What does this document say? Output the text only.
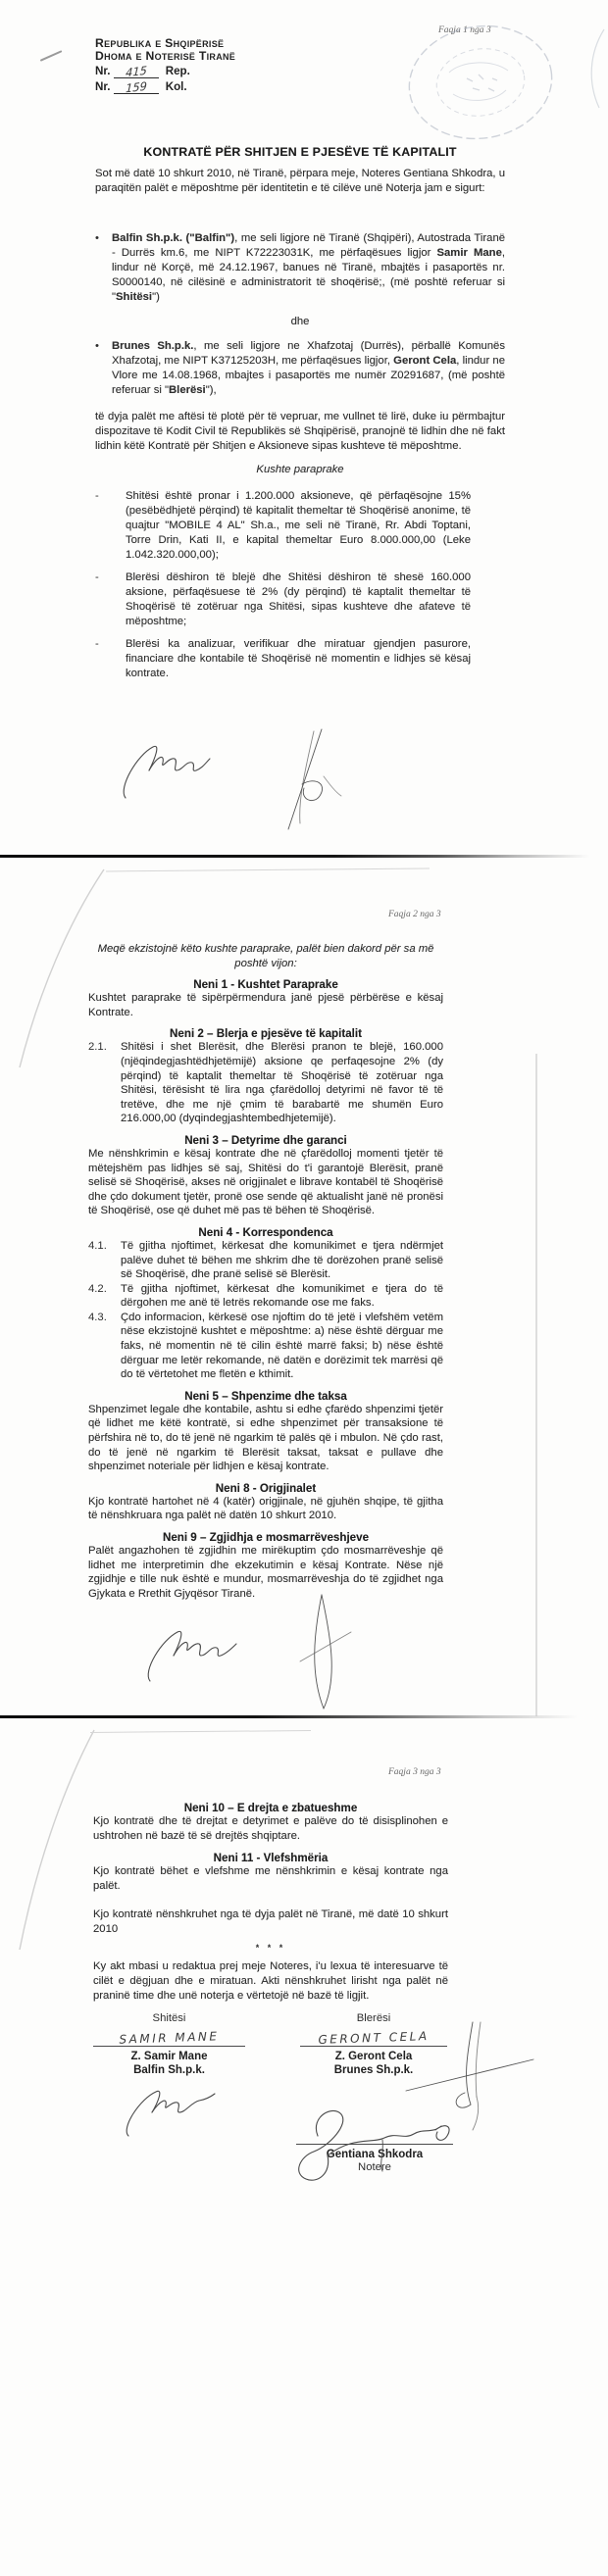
Faqja 1 nga 3
Republika e Shqipërisë
Dhoma e Noterisë Tiranë
Nr. 415 Rep.
Nr. 159 Kol.
KONTRATË PËR SHITJEN E PJESËVE TË KAPITALIT

Sot më datë 10 shkurt 2010, në Tiranë, përpara meje, Noteres Gentiana Shkodra, u paraqitën palët e mëposhtme për identitetin e të cilëve unë Noterja jam e sigurt:

•	Balfin Sh.p.k. ("Balfin"), me seli ligjore në Tiranë (Shqipëri), Autostrada Tiranë - Durrës km.6, me NIPT K72223031K, me përfaqësues ligjor Samir Mane, lindur në Korçë, më 24.12.1967, banues në Tiranë, mbajtës i pasaportës nr. S0000140, në cilësinë e administratorit të shoqërisë;, (më poshtë referuar si "Shitësi")
dhe
•	Brunes Sh.p.k., me seli ligjore ne Xhafzotaj (Durrës), përballë Komunës Xhafzotaj, me NIPT K37125203H, me përfaqësues ligjor, Geront Cela, lindur ne Vlore me 14.08.1968, mbajtes i pasaportës me numër Z0291687, (më poshtë referuar si "Blerësi"),

të dyja palët me aftësi të plotë për të vepruar, me vullnet të lirë, duke iu përmbajtur dispozitave të Kodit Civil të Republikës së Shqipërisë, pranojnë të lidhin dhe në fakt lidhin këtë Kontratë për Shitjen e Aksioneve sipas kushteve të mëposhtme.

Kushte paraprake
-	Shitësi është pronar i 1.200.000 aksioneve, që përfaqësojne 15% (pesëbëdhjetë përqind) të kapitalit themeltar të Shoqërisë anonime, të quajtur "MOBILE 4 AL" Sh.a., me seli në Tiranë, Rr. Abdi Toptani, Torre Drin, Kati II, e kapital themeltar Euro 8.000.000,00 (Leke 1.042.320.000,00);
-	Blerësi dëshiron të blejë dhe Shitësi dëshiron të shesë 160.000 aksione, përfaqësuese të 2% (dy përqind) të kaptalit themeltar të Shoqërisë të zotëruar nga Shitësi, sipas kushteve dhe afateve të mëposhtme;
-	Blerësi ka analizuar, verifikuar dhe miratuar gjendjen pasurore, financiare dhe kontabile të Shoqërisë në momentin e lidhjes së kësaj kontrate.
Faqja 2 nga 3
Meqë ekzistojnë këto kushte paraprake, palët bien dakord për sa më poshtë vijon:
Neni 1 - Kushtet Paraprake

Kushtet paraprake të sipërpërmendura janë pjesë përbërëse e kësaj Kontrate.

Neni 2 – Blerja e pjesëve të kapitalit
2.1.	Shitësi i shet Blerësit, dhe Blerësi pranon te blejë, 160.000 (njëqindegjashtëdhjetëmijë) aksione qe perfaqesojne 2% (dy përqind) të kaptalit themeltar të Shoqërisë të zotëruar nga Shitësi, tërësisht të lira nga çfarëdolloj detyrimi në favor të të tretëve, dhe me një çmim të barabartë me shumën Euro 216.000,00 (dyqindegjashtembedhjetemijë).
Neni 3 – Detyrime dhe garanci

Me nënshkrimin e kësaj kontrate dhe në çfarëdolloj momenti tjetër të mëtejshëm pas lidhjes së saj, Shitësi do t'i garantojë Blerësit, pranë selisë së Shoqërisë, akses në origjinalet e librave kontabël të Shoqërisë dhe çdo dokument tjetër, pronë ose sende që aktualisht janë në pronësi të Shoqërisë, ose që duhet më pas të bëhen të Shoqërisë.

Neni 4 - Korrespondenca
4.1.	Të gjitha njoftimet, kërkesat dhe komunikimet e tjera ndërmjet palëve duhet të bëhen me shkrim dhe të dorëzohen pranë selisë së Shoqërisë, dhe pranë selisë së Blerësit.
4.2.	Të gjitha njoftimet, kërkesat dhe komunikimet e tjera do të dërgohen me anë të letrës rekomande ose me faks.
4.3.	Çdo informacion, kërkesë ose njoftim do të jetë i vlefshëm vetëm nëse ekzistojnë kushtet e mëposhtme: a) nëse është dërguar me faks, në momentin në të cilin është marrë faksi; b) nëse është dërguar me letër rekomande, në datën e dorëzimit tek marrësi që do të vërtetohet me fletën e kthimit.
Neni 5 – Shpenzime dhe taksa

Shpenzimet legale dhe kontabile, ashtu si edhe çfarëdo shpenzimi tjetër që lidhet me këtë kontratë, si edhe shpenzimet për transaksione të përfshira në to, do të jenë në ngarkim të palës që i mbulon. Në çdo rast, do të jenë në ngarkim të Blerësit taksat, taksat e pullave dhe shpenzimet noteriale për lidhjen e kësaj kontrate.

Neni 8 - Origjinalet

Kjo kontratë hartohet në 4 (katër) origjinale, në gjuhën shqipe, të gjitha të nënshkruara nga palët në datën 10 shkurt 2010.

Neni 9 – Zgjidhja e mosmarrëveshjeve

Palët angazhohen të zgjidhin me mirëkuptim çdo mosmarrëveshje që lidhet me interpretimin dhe ekzekutimin e kësaj Kontrate. Nëse një zgjidhje e tille nuk është e mundur, mosmarrëveshja do të zgjidhet nga Gjykata e Rrethit Gjyqësor Tiranë.

Faqja 3 nga 3
Neni 10 – E drejta e zbatueshme

Kjo kontratë dhe të drejtat e detyrimet e palëve do të disisplinohen e ushtrohen në bazë të së drejtës shqiptare.

Neni 11 - Vlefshmëria

Kjo kontratë bëhet e vlefshme me nënshkrimin e kësaj kontrate nga palët.

Kjo kontratë nënshkruhet nga të dyja palët në Tiranë, më datë 10 shkurt 2010

* * *

Ky akt mbasi u redaktua prej meje Noteres, i'u lexua të interesuarve të cilët e dëgjuan dhe e miratuan. Akti nënshkruhet lirisht nga palët në praninë time dhe unë noterja e vërtetojë në bazë të ligjit.

Shitësi
SAMIR MANE
Z. Samir Mane
Balfin Sh.p.k.
Blerësi
GERONT CELA
Z. Geront Cela
Brunes Sh.p.k.
Gentiana Shkodra
Notere
